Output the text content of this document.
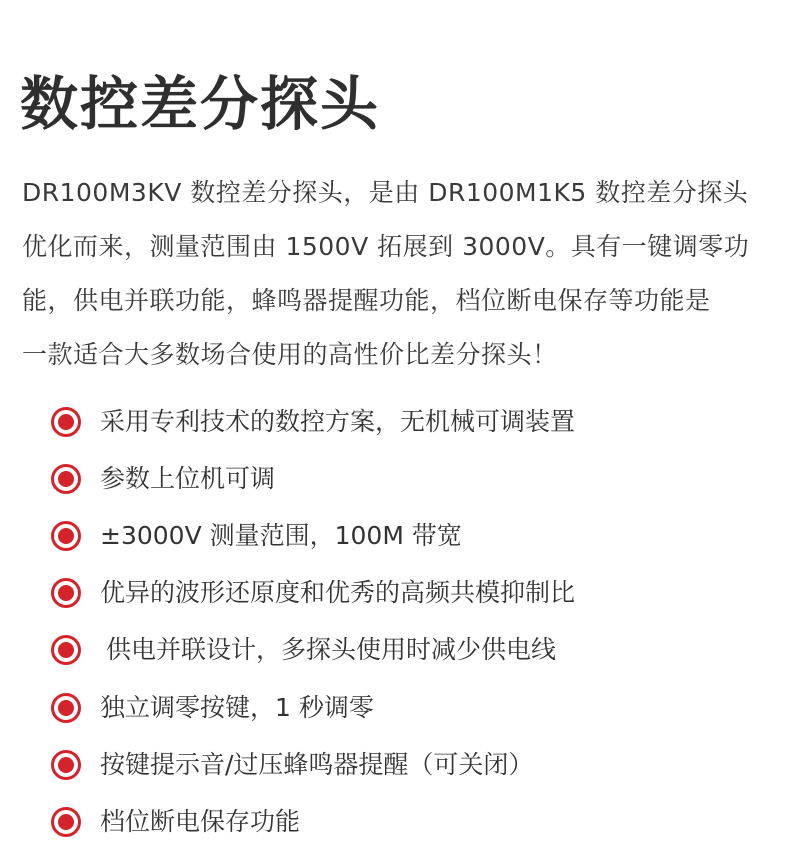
数控差分探头

DR100M3KV 数控差分探头，是由 DR100M1K5 数控差分探头
优化而来，测量范围由 1500V 拓展到 3000V。具有一键调零功
能，供电并联功能，蜂鸣器提醒功能，档位断电保存等功能是
一款适合大多数场合使用的高性价比差分探头！

采用专利技术的数控方案，无机械可调装置
参数上位机可调
±3000V 测量范围，100M 带宽
优异的波形还原度和优秀的高频共模抑制比
供电并联设计，多探头使用时减少供电线
独立调零按键，1 秒调零
按键提示音/过压蜂鸣器提醒（可关闭）
档位断电保存功能
